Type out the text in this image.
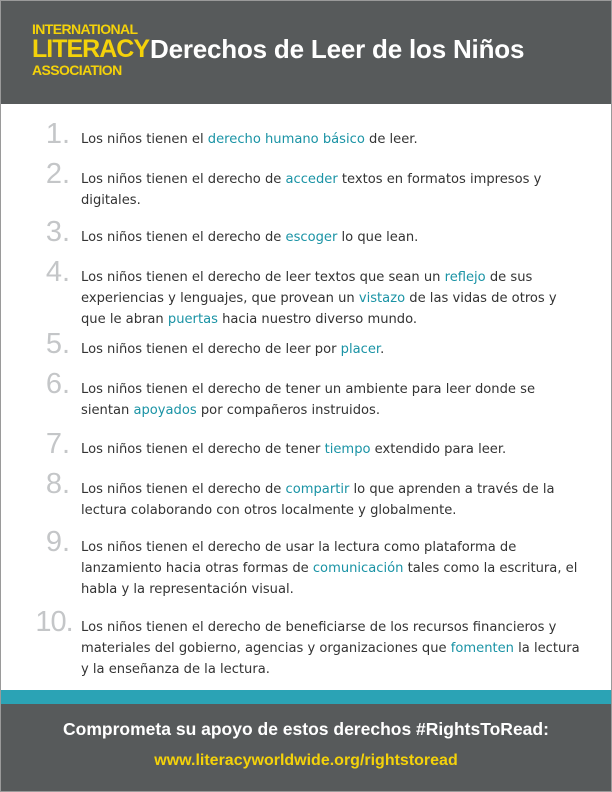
INTERNATIONAL
LITERACY
ASSOCIATION
Derechos de Leer de los Niños
1. Los niños tienen el derecho humano básico de leer.

2. Los niños tienen el derecho de acceder textos en formatos impresos y digitales.

3. Los niños tienen el derecho de escoger lo que lean.

4. Los niños tienen el derecho de leer textos que sean un reflejo de sus experiencias y lenguajes, que provean un vistazo de las vidas de otros y que le abran puertas hacia nuestro diverso mundo.

5. Los niños tienen el derecho de leer por placer.

6. Los niños tienen el derecho de tener un ambiente para leer donde se sientan apoyados por compañeros instruidos.

7. Los niños tienen el derecho de tener tiempo extendido para leer.

8. Los niños tienen el derecho de compartir lo que aprenden a través de la lectura colaborando con otros localmente y globalmente.

9. Los niños tienen el derecho de usar la lectura como plataforma de lanzamiento hacia otras formas de comunicación tales como la escritura, el habla y la representación visual.

10. Los niños tienen el derecho de beneficiarse de los recursos financieros y materiales del gobierno, agencias y organizaciones que fomenten la lectura y la enseñanza de la lectura.

Comprometa su apoyo de estos derechos #RightsToRead:
www.literacyworldwide.org/rightstoread
